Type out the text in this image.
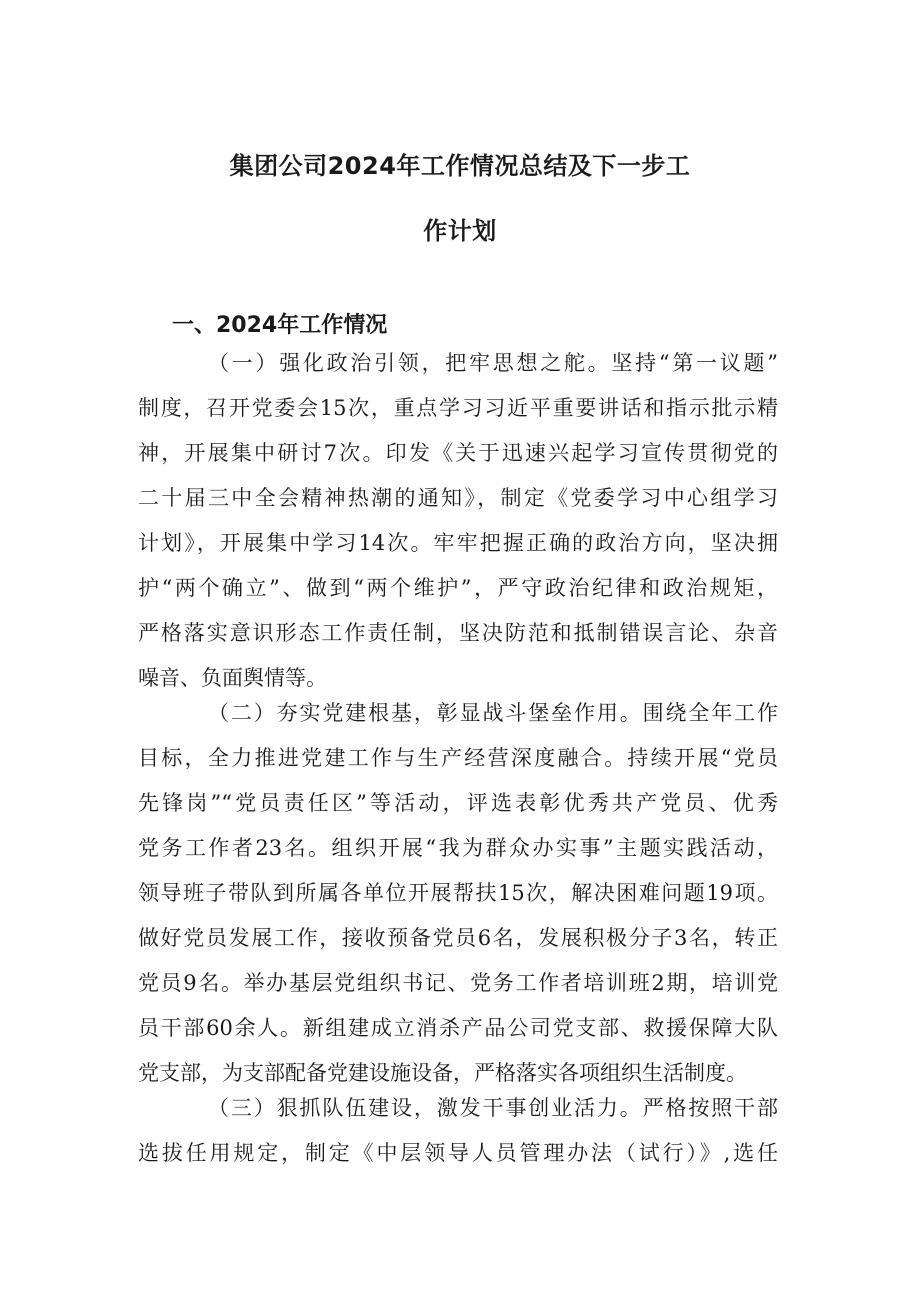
集团公司2024年工作情况总结及下一步工
作计划
一、2024年工作情况
（一）强化政治引领，把牢思想之舵。坚持“第一议题”
制度，召开党委会15次，重点学习习近平重要讲话和指示批示精
神，开展集中研讨7次。印发《关于迅速兴起学习宣传贯彻党的
二十届三中全会精神热潮的通知》，制定《党委学习中心组学习
计划》，开展集中学习14次。牢牢把握正确的政治方向，坚决拥
护“两个确立”、做到“两个维护”，严守政治纪律和政治规矩，
严格落实意识形态工作责任制，坚决防范和抵制错误言论、杂音
噪音、负面舆情等。
（二）夯实党建根基，彰显战斗堡垒作用。围绕全年工作
目标，全力推进党建工作与生产经营深度融合。持续开展“党员
先锋岗”“党员责任区”等活动，评选表彰优秀共产党员、优秀
党务工作者23名。组织开展“我为群众办实事”主题实践活动，
领导班子带队到所属各单位开展帮扶15次，解决困难问题19项。
做好党员发展工作，接收预备党员6名，发展积极分子3名，转正
党员9名。举办基层党组织书记、党务工作者培训班2期，培训党
员干部60余人。新组建成立消杀产品公司党支部、救援保障大队
党支部，为支部配备党建设施设备，严格落实各项组织生活制度。
（三）狠抓队伍建设，激发干事创业活力。严格按照干部
选拔任用规定，制定《中层领导人员管理办法（试行）》,选任
